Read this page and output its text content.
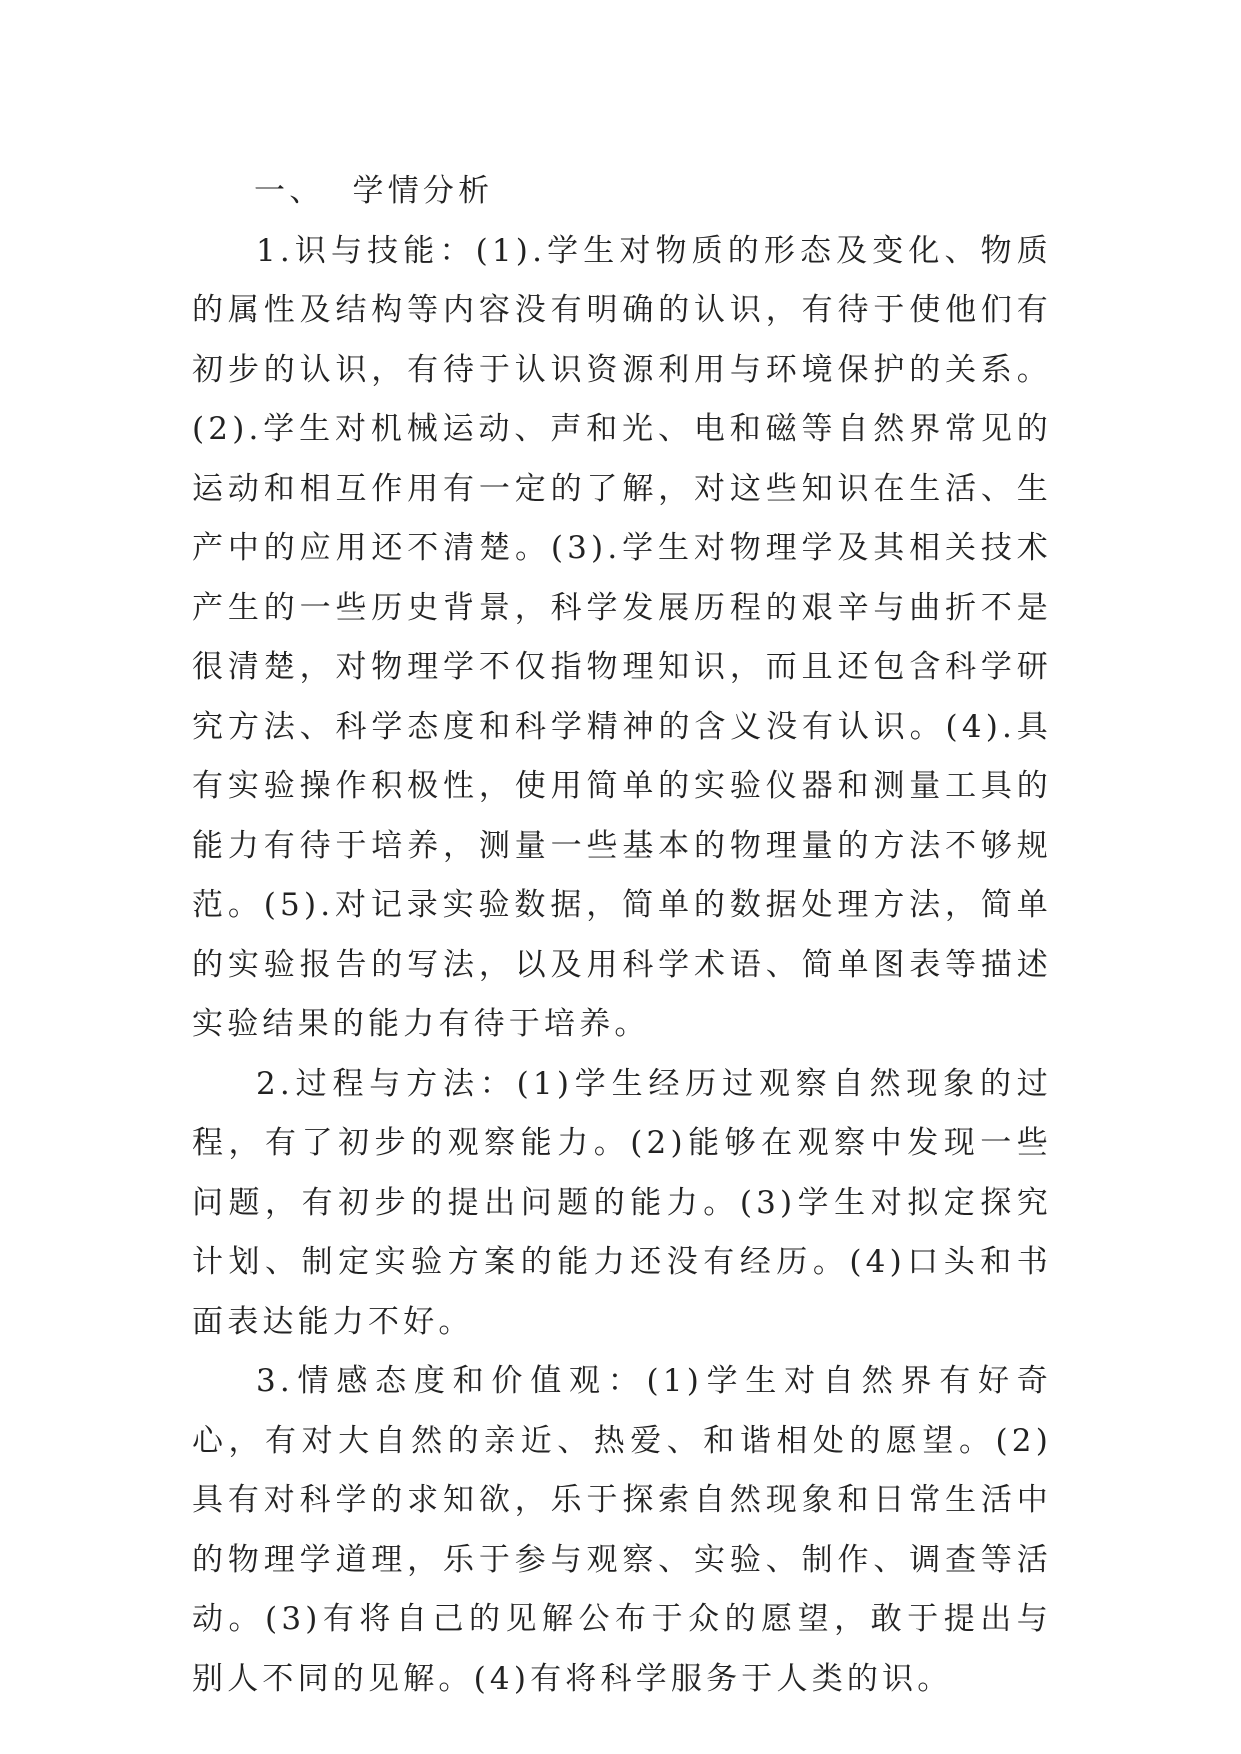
一、  学情分析

1.识与技能：(1).学生对物质的形态及变化、物质的属性及结构等内容没有明确的认识，有待于使他们有初步的认识，有待于认识资源利用与环境保护的关系。(2).学生对机械运动、声和光、电和磁等自然界常见的运动和相互作用有一定的了解，对这些知识在生活、生产中的应用还不清楚。(3).学生对物理学及其相关技术产生的一些历史背景，科学发展历程的艰辛与曲折不是很清楚，对物理学不仅指物理知识，而且还包含科学研究方法、科学态度和科学精神的含义没有认识。(4).具有实验操作积极性，使用简单的实验仪器和测量工具的能力有待于培养，测量一些基本的物理量的方法不够规范。(5).对记录实验数据，简单的数据处理方法，简单的实验报告的写法，以及用科学术语、简单图表等描述实验结果的能力有待于培养。

2.过程与方法：(1)学生经历过观察自然现象的过程，有了初步的观察能力。(2)能够在观察中发现一些问题，有初步的提出问题的能力。(3)学生对拟定探究计划、制定实验方案的能力还没有经历。(4)口头和书面表达能力不好。

3.情感态度和价值观：(1)学生对自然界有好奇心，有对大自然的亲近、热爱、和谐相处的愿望。(2)具有对科学的求知欲，乐于探索自然现象和日常生活中的物理学道理，乐于参与观察、实验、制作、调查等活动。(3)有将自己的见解公布于众的愿望，敢于提出与别人不同的见解。(4)有将科学服务于人类的识。
